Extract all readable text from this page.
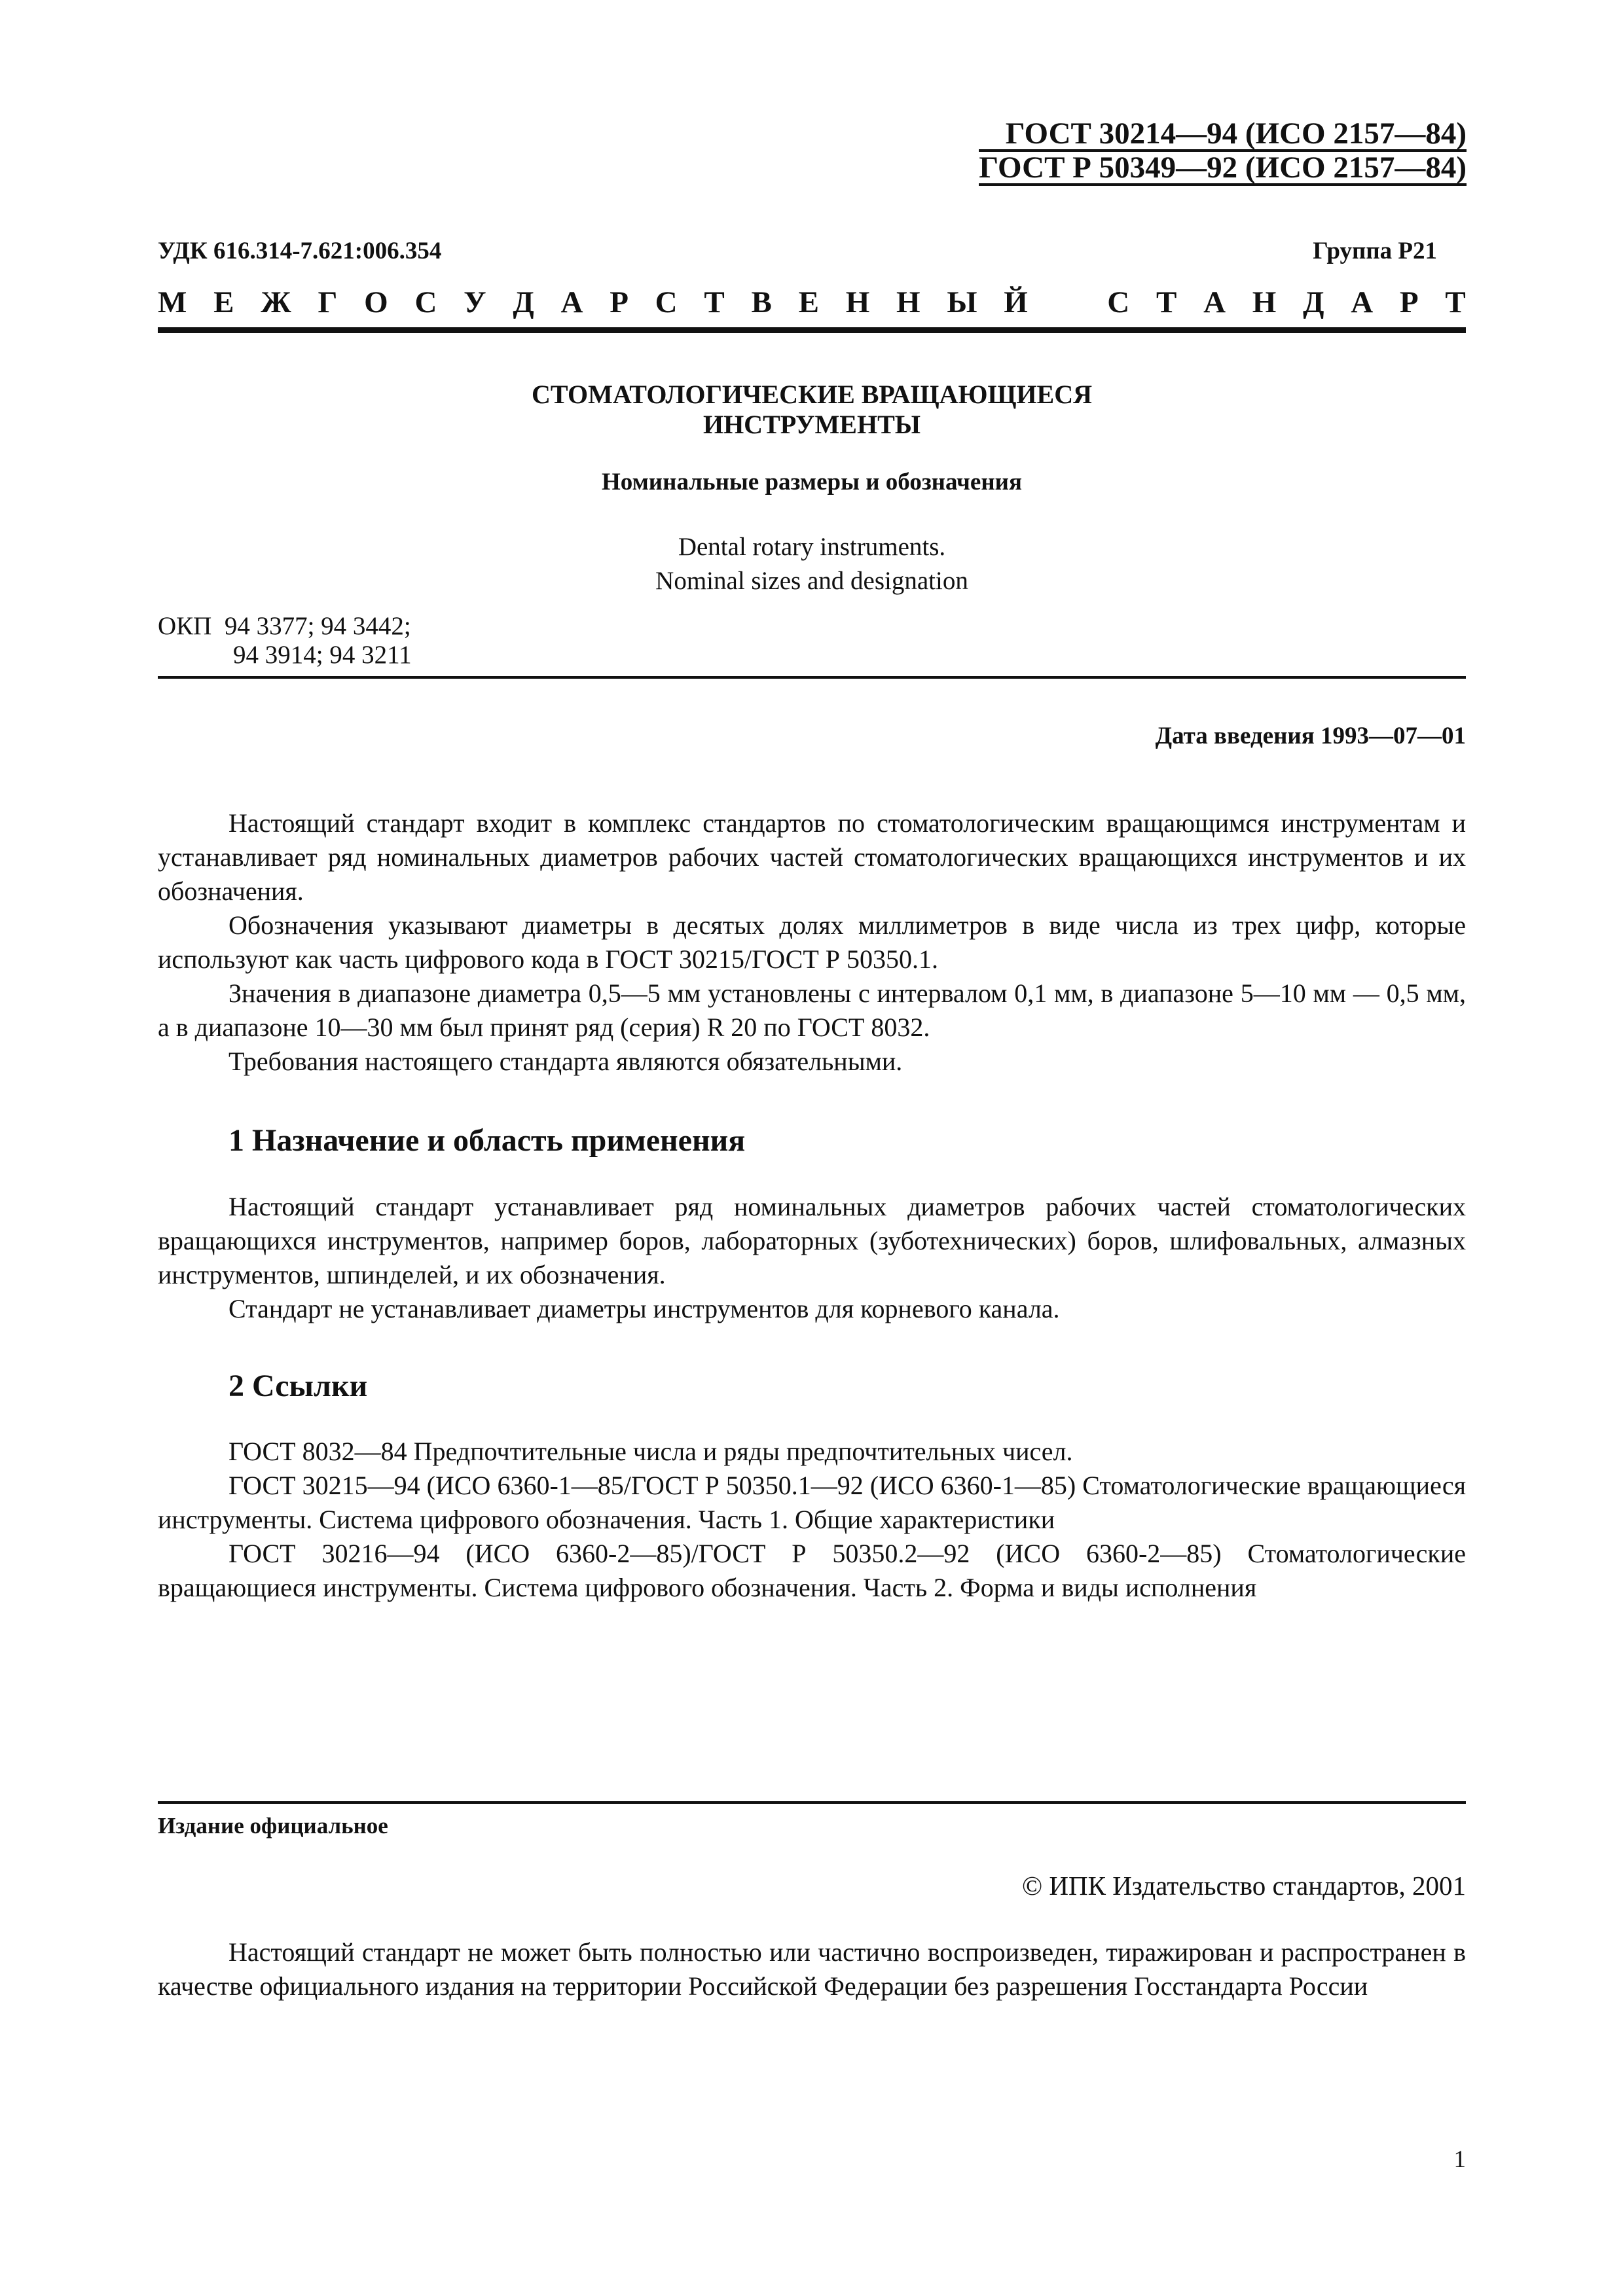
ГОСТ 30214—94 (ИСО 2157—84)
ГОСТ Р 50349—92 (ИСО 2157—84)
УДК 616.314-7.621:006.354	Группа Р21
М Е Ж Г О С У Д А Р С Т В Е Н Н Ы Й	С Т А Н Д А Р Т
СТОМАТОЛОГИЧЕСКИЕ ВРАЩАЮЩИЕСЯ
ИНСТРУМЕНТЫ
Номинальные размеры и обозначения
Dental rotary instruments.
Nominal sizes and designation
ОКП  94 3377; 94 3442;
94 3914; 94 3211
Дата введения 1993—07—01

Настоящий стандарт входит в комплекс стандартов по стоматологическим вращающимся инструментам и устанавливает ряд номинальных диаметров рабочих частей стоматологических вращающихся инструментов и их обозначения.

Обозначения указывают диаметры в десятых долях миллиметров в виде числа из трех цифр, которые используют как часть цифрового кода в ГОСТ 30215/ГОСТ Р 50350.1.

Значения в диапазоне диаметра 0,5—5 мм установлены с интервалом 0,1 мм, в диапазоне 5—10 мм — 0,5 мм, а в диапазоне 10—30 мм был принят ряд (серия) R 20 по ГОСТ 8032.

Требования настоящего стандарта являются обязательными.

1 Назначение и область применения

Настоящий стандарт устанавливает ряд номинальных диаметров рабочих частей стоматологических вращающихся инструментов, например боров, лабораторных (зуботехнических) боров, шлифовальных, алмазных инструментов, шпинделей, и их обозначения.

Стандарт не устанавливает диаметры инструментов для корневого канала.

2 Ссылки

ГОСТ 8032—84 Предпочтительные числа и ряды предпочтительных чисел.

ГОСТ 30215—94 (ИСО 6360-1—85/ГОСТ Р 50350.1—92 (ИСО 6360-1—85) Стоматологические вращающиеся инструменты. Система цифрового обозначения. Часть 1. Общие характеристики

ГОСТ 30216—94 (ИСО 6360-2—85)/ГОСТ Р 50350.2—92 (ИСО 6360-2—85) Стоматологические вращающиеся инструменты. Система цифрового обозначения. Часть 2. Форма и виды исполнения

Издание официальное
© ИПК Издательство стандартов, 2001

Настоящий стандарт не может быть полностью или частично воспроизведен, тиражирован и распространен в качестве официального издания на территории Российской Федерации без разрешения Госстандарта России

1
